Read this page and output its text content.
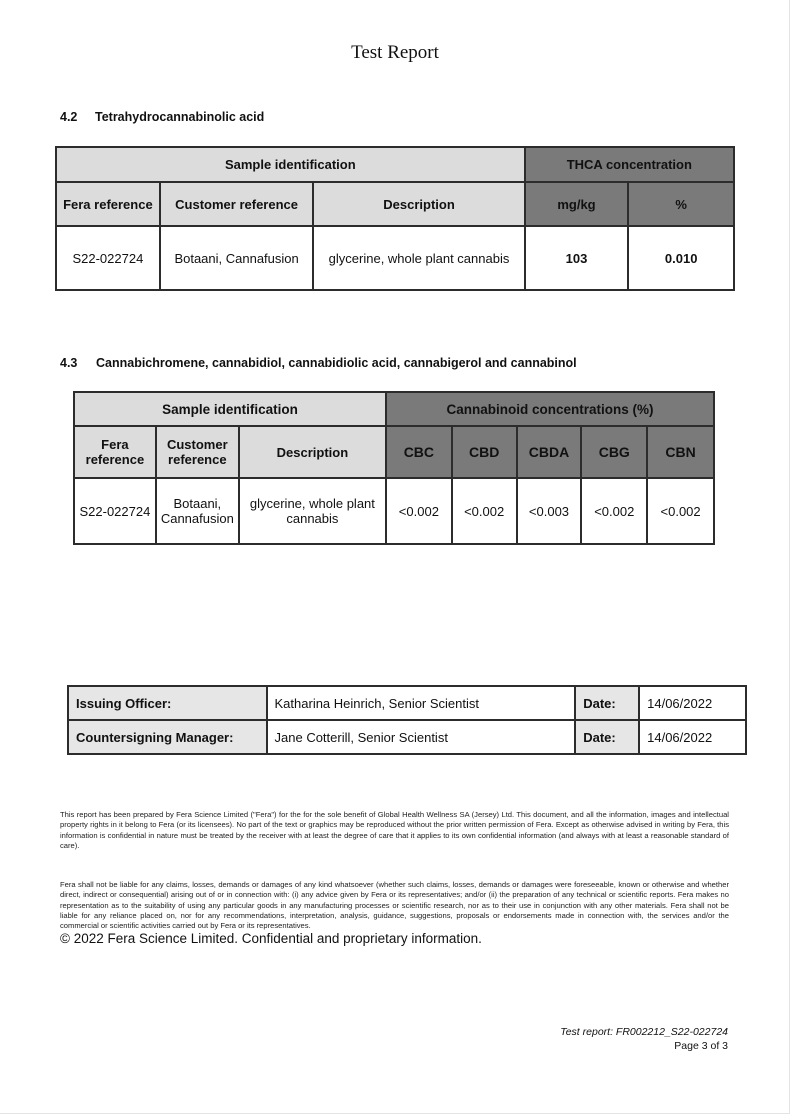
Test Report
4.2 Tetrahydrocannabinolic acid
Sample identification			THCA concentration	
Fera reference	Customer reference	Description	mg/kg	%
S22-022724	Botaani, Cannafusion	glycerine, whole plant cannabis	103	0.010
4.3 Cannabichromene, cannabidiol, cannabidiolic acid, cannabigerol and cannabinol
Sample identification			Cannabinoid concentrations (%)				
Fera reference	Customer reference	Description	CBC	CBD	CBDA	CBG	CBN
S22-022724	Botaani, Cannafusion	glycerine, whole plant cannabis	<0.002	<0.002	<0.003	<0.002	<0.002
Issuing Officer:	Katharina Heinrich, Senior Scientist	Date:	14/06/2022
Countersigning Manager:	Jane Cotterill, Senior Scientist	Date:	14/06/2022
This report has been prepared by Fera Science Limited ("Fera") for the for the sole benefit of Global Health Wellness SA (Jersey) Ltd. This document, and all the information, images and intellectual property rights in it belong to Fera (or its licensees). No part of the text or graphics may be reproduced without the prior written permission of Fera. Except as otherwise advised in writing by Fera, this information is confidential in nature must be treated by the receiver with at least the degree of care that it applies to its own confidential information (and always with at least a reasonable standard of care).
Fera shall not be liable for any claims, losses, demands or damages of any kind whatsoever (whether such claims, losses, demands or damages were foreseeable, known or otherwise and whether direct, indirect or consequential) arising out of or in connection with: (i) any advice given by Fera or its representatives; and/or (ii) the preparation of any technical or scientific reports. Fera makes no representation as to the suitability of using any particular goods in any manufacturing processes or scientific research, nor as to their use in conjunction with any other materials. Fera shall not be liable for any reliance placed on, nor for any recommendations, interpretation, analysis, guidance, suggestions, proposals or endorsements made in connection with, the services and/or the commercial or scientific activities carried out by Fera or its representatives.
© 2022 Fera Science Limited. Confidential and proprietary information.
Test report: FR002212_S22-022724
Page 3 of 3
